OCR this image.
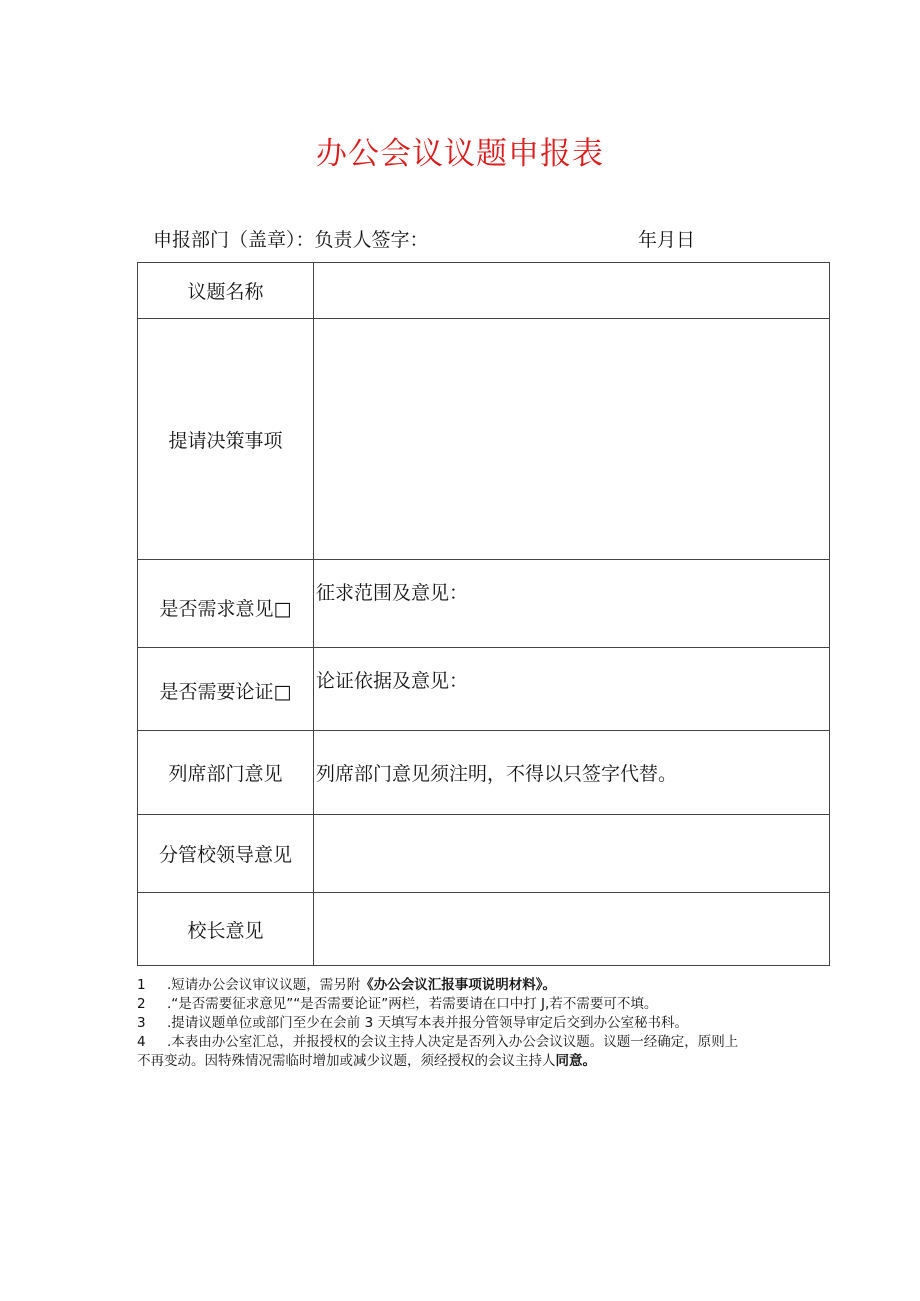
办公会议议题申报表
申报部门（盖章）：负责人签字：	年月日
议题名称	
提请决策事项	
是否需求意见□	征求范围及意见：

是否需要论证□	论证依据及意见：

列席部门意见	列席部门意见须注明，不得以只签字代替。

分管校领导意见	
校长意见	
1 .短请办公会议审议议题，需另附《办公会议汇报事项说明材料》。
2 .“是否需要征求意见”“是否需要论证”两栏，若需要请在口中打 J,若不需要可不填。
3 .提请议题单位或部门至少在会前 3 天填写本表并报分管领导审定后交到办公室秘书科。
4 .本表由办公室汇总，并报授权的会议主持人决定是否列入办公会议议题。议题一经确定，原则上
不再变动。因特殊情况需临时增加或减少议题，须经授权的会议主持人同意。
